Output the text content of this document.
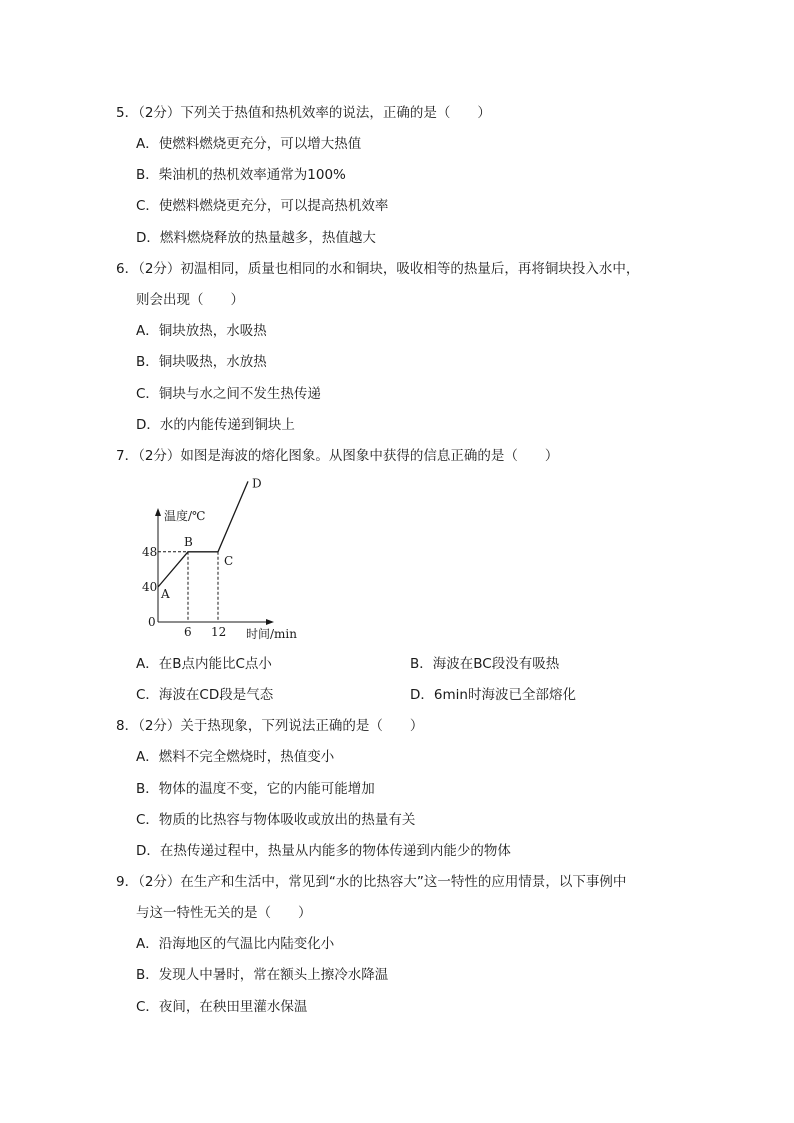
5．（2分）下列关于热值和热机效率的说法，正确的是（　　）
A．使燃料燃烧更充分，可以增大热值
B．柴油机的热机效率通常为100%
C．使燃料燃烧更充分，可以提高热机效率
D．燃料燃烧释放的热量越多，热值越大
6．（2分）初温相同，质量也相同的水和铜块，吸收相等的热量后，再将铜块投入水中，
则会出现（　　）
A．铜块放热，水吸热
B．铜块吸热，水放热
C．铜块与水之间不发生热传递
D．水的内能传递到铜块上
7．（2分）如图是海波的熔化图象。从图象中获得的信息正确的是（　　）
温度/℃
时间/min
0
40
48
6 12
A
B
C
D
A．在B点内能比C点小	B．海波在BC段没有吸热
C．海波在CD段是气态	D．6min时海波已全部熔化
8．（2分）关于热现象，下列说法正确的是（　　）
A．燃料不完全燃烧时，热值变小
B．物体的温度不变，它的内能可能增加
C．物质的比热容与物体吸收或放出的热量有关
D．在热传递过程中，热量从内能多的物体传递到内能少的物体
9．（2分）在生产和生活中，常见到“水的比热容大”这一特性的应用情景，以下事例中
与这一特性无关的是（　　）
A．沿海地区的气温比内陆变化小
B．发现人中暑时，常在额头上擦冷水降温
C．夜间，在秧田里灌水保温
